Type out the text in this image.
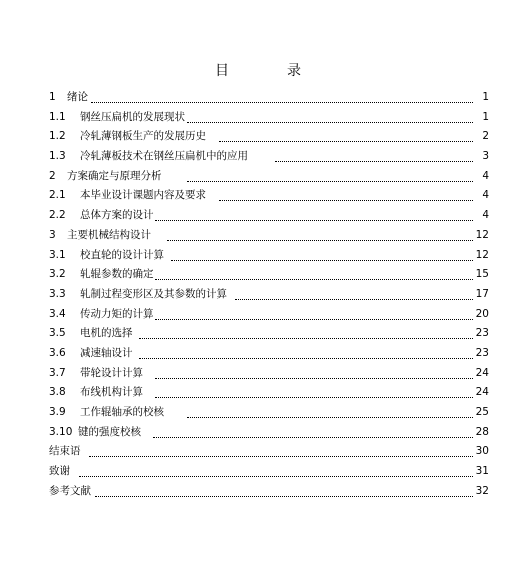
目　录
1 绪论	1
1.1 钢丝压扁机的发展现状	1
1.2 冷轧薄钢板生产的发展历史	2
1.3 冷轧薄板技术在钢丝压扁机中的应用	3
2 方案确定与原理分析	4
2.1 本毕业设计课题内容及要求	4
2.2 总体方案的设计	4
3 主要机械结构设计	12
3.1 校直轮的设计计算	12
3.2 轧辊参数的确定	15
3.3 轧制过程变形区及其参数的计算	17
3.4 传动力矩的计算	20
3.5 电机的选择	23
3.6 减速轴设计	23
3.7 带轮设计计算	24
3.8 布线机构计算	24
3.9 工作辊轴承的校核	25
3.10 键的强度校核	28
结束语	30
致谢	31
参考文献	32
